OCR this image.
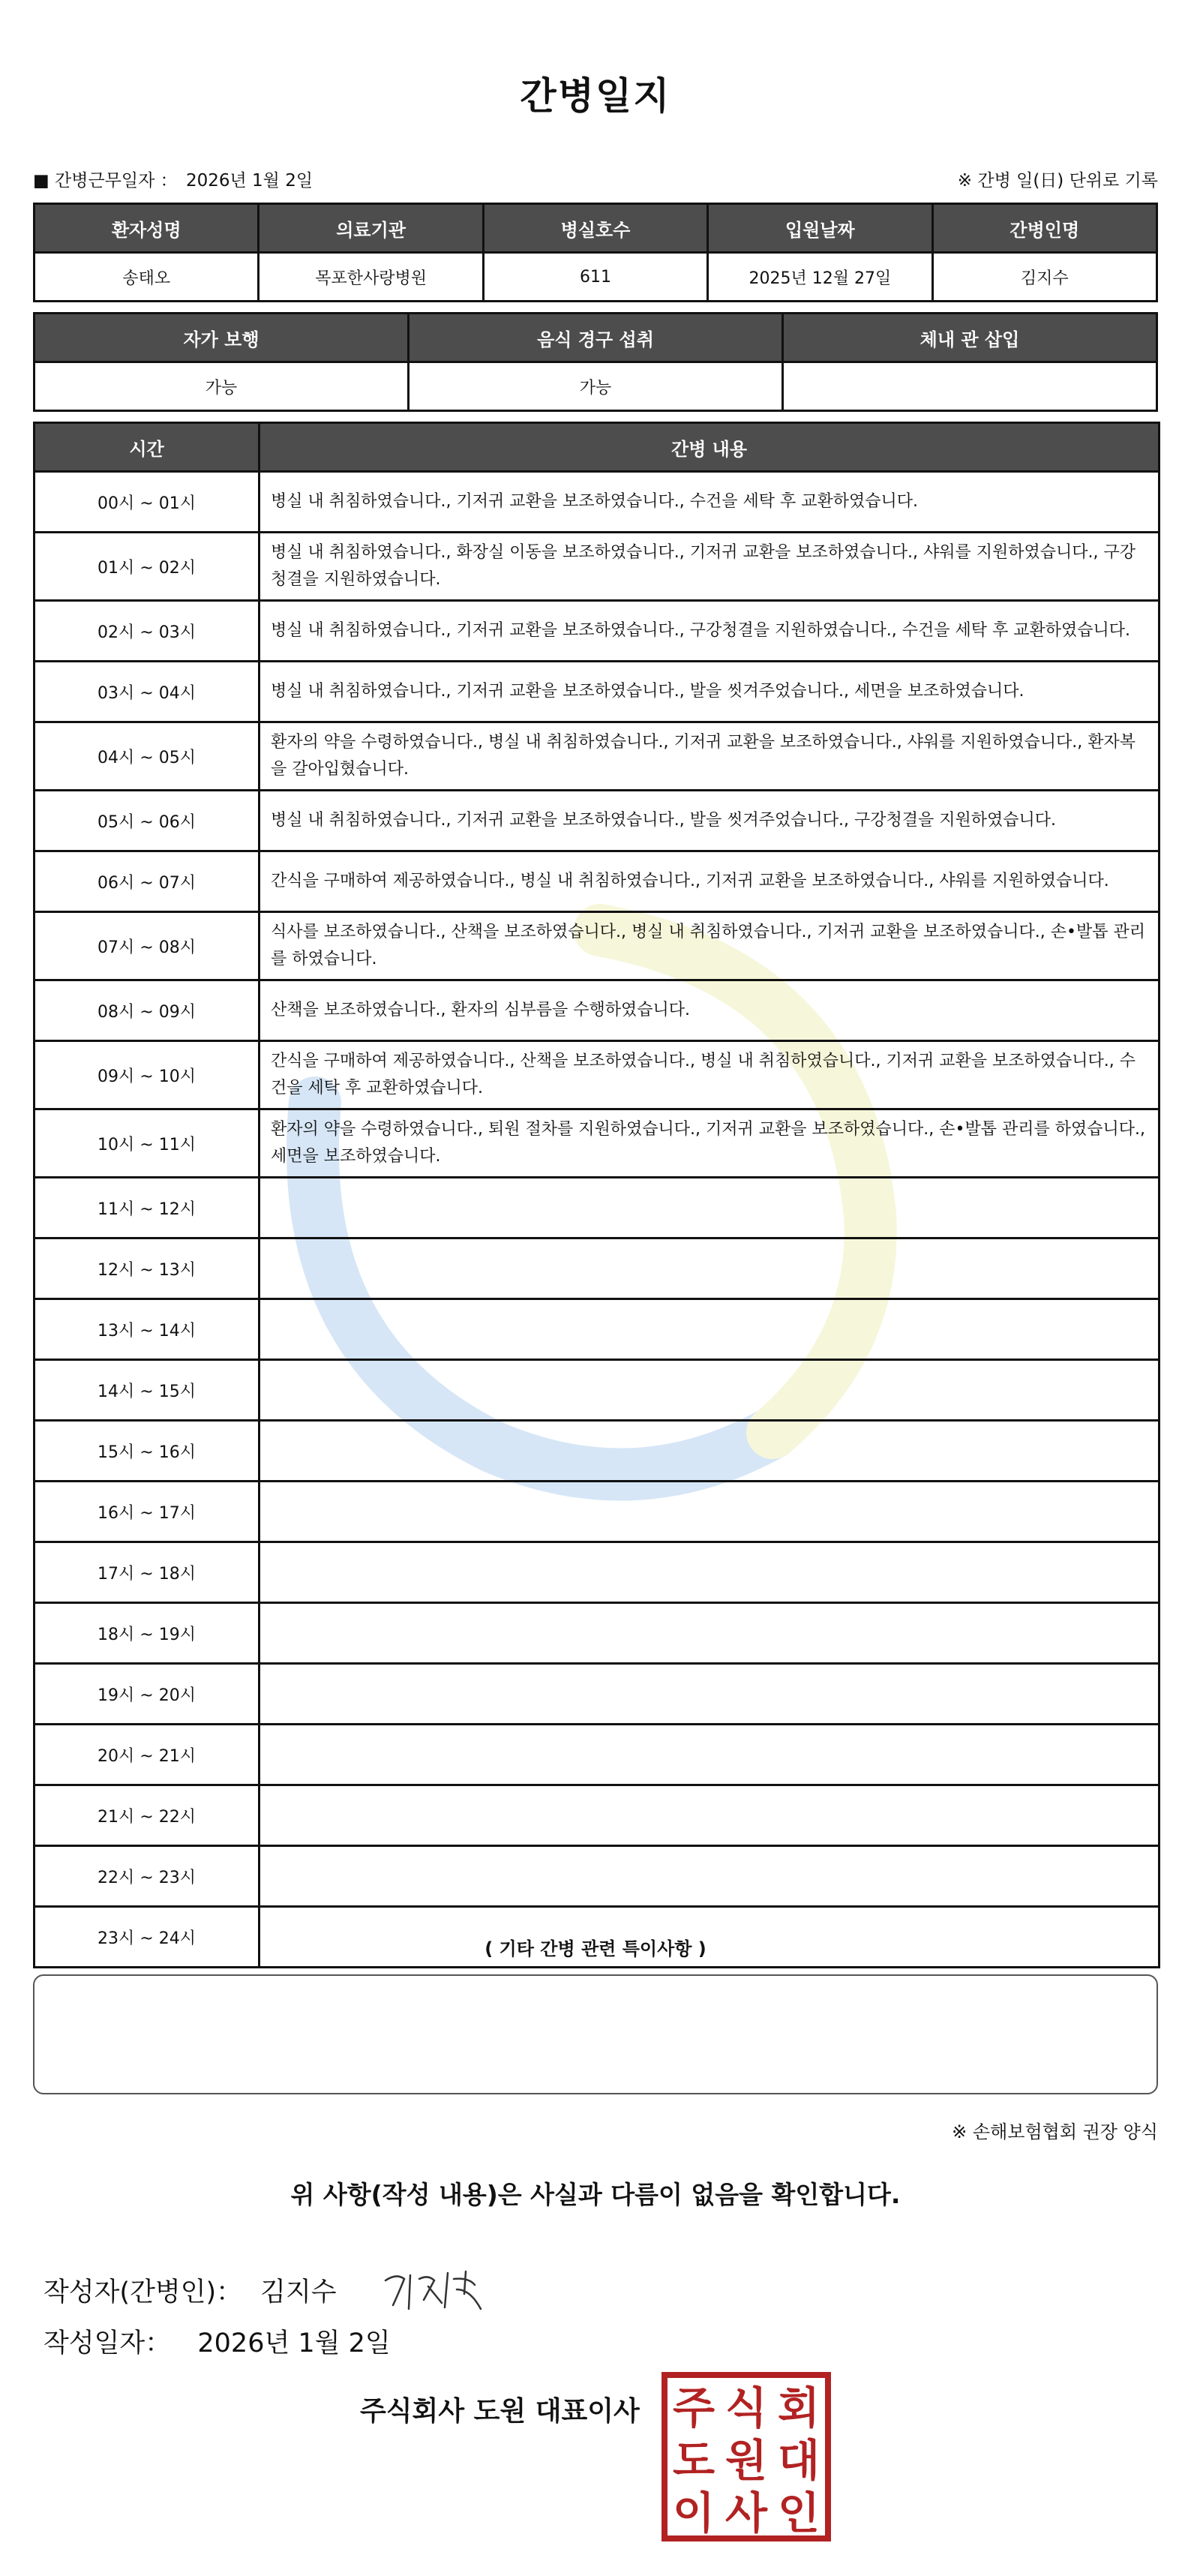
간병일지
■ 간병근무일자 ： 2026년 1월 2일	※ 간병 일(日) 단위로 기록
환자성명	의료기관	병실호수	입원날짜	간병인명
송태오	목포한사랑병원	611	2025년 12월 27일	김지수
자가 보행	음식 경구 섭취	체내 관 삽입
가능	가능	
시간	간병 내용
00시 ~ 01시	병실 내 취침하였습니다., 기저귀 교환을 보조하였습니다., 수건을 세탁 후 교환하였습니다.
01시 ~ 02시	병실 내 취침하였습니다., 화장실 이동을 보조하였습니다., 기저귀 교환을 보조하였습니다., 샤워를 지원하였습니다., 구강청결을 지원하였습니다.
02시 ~ 03시	병실 내 취침하였습니다., 기저귀 교환을 보조하였습니다., 구강청결을 지원하였습니다., 수건을 세탁 후 교환하였습니다.
03시 ~ 04시	병실 내 취침하였습니다., 기저귀 교환을 보조하였습니다., 발을 씻겨주었습니다., 세면을 보조하였습니다.
04시 ~ 05시	환자의 약을 수령하였습니다., 병실 내 취침하였습니다., 기저귀 교환을 보조하였습니다., 샤워를 지원하였습니다., 환자복을 갈아입혔습니다.
05시 ~ 06시	병실 내 취침하였습니다., 기저귀 교환을 보조하였습니다., 발을 씻겨주었습니다., 구강청결을 지원하였습니다.
06시 ~ 07시	간식을 구매하여 제공하였습니다., 병실 내 취침하였습니다., 기저귀 교환을 보조하였습니다., 샤워를 지원하였습니다.
07시 ~ 08시	식사를 보조하였습니다., 산책을 보조하였습니다., 병실 내 취침하였습니다., 기저귀 교환을 보조하였습니다., 손•발톱 관리를 하였습니다.
08시 ~ 09시	산책을 보조하였습니다., 환자의 심부름을 수행하였습니다.
09시 ~ 10시	간식을 구매하여 제공하였습니다., 산책을 보조하였습니다., 병실 내 취침하였습니다., 기저귀 교환을 보조하였습니다., 수건을 세탁 후 교환하였습니다.
10시 ~ 11시	환자의 약을 수령하였습니다., 퇴원 절차를 지원하였습니다., 기저귀 교환을 보조하였습니다., 손•발톱 관리를 하였습니다., 세면을 보조하였습니다.
11시 ~ 12시	
12시 ~ 13시	
13시 ~ 14시	
14시 ~ 15시	
15시 ~ 16시	
16시 ~ 17시	
17시 ~ 18시	
18시 ~ 19시	
19시 ~ 20시	
20시 ~ 21시	
21시 ~ 22시	
22시 ~ 23시	
23시 ~ 24시		( 기타 간병 관련 특이사항 )
※ 손해보험협회 권장 양식
위 사항(작성 내용)은 사실과 다름이 없음을 확인합니다.
작성자(간병인)： 김지수
작성일자： 2026년 1월 2일
주식회사 도원 대표이사 주 식 회
도 원 대
이 사 인
